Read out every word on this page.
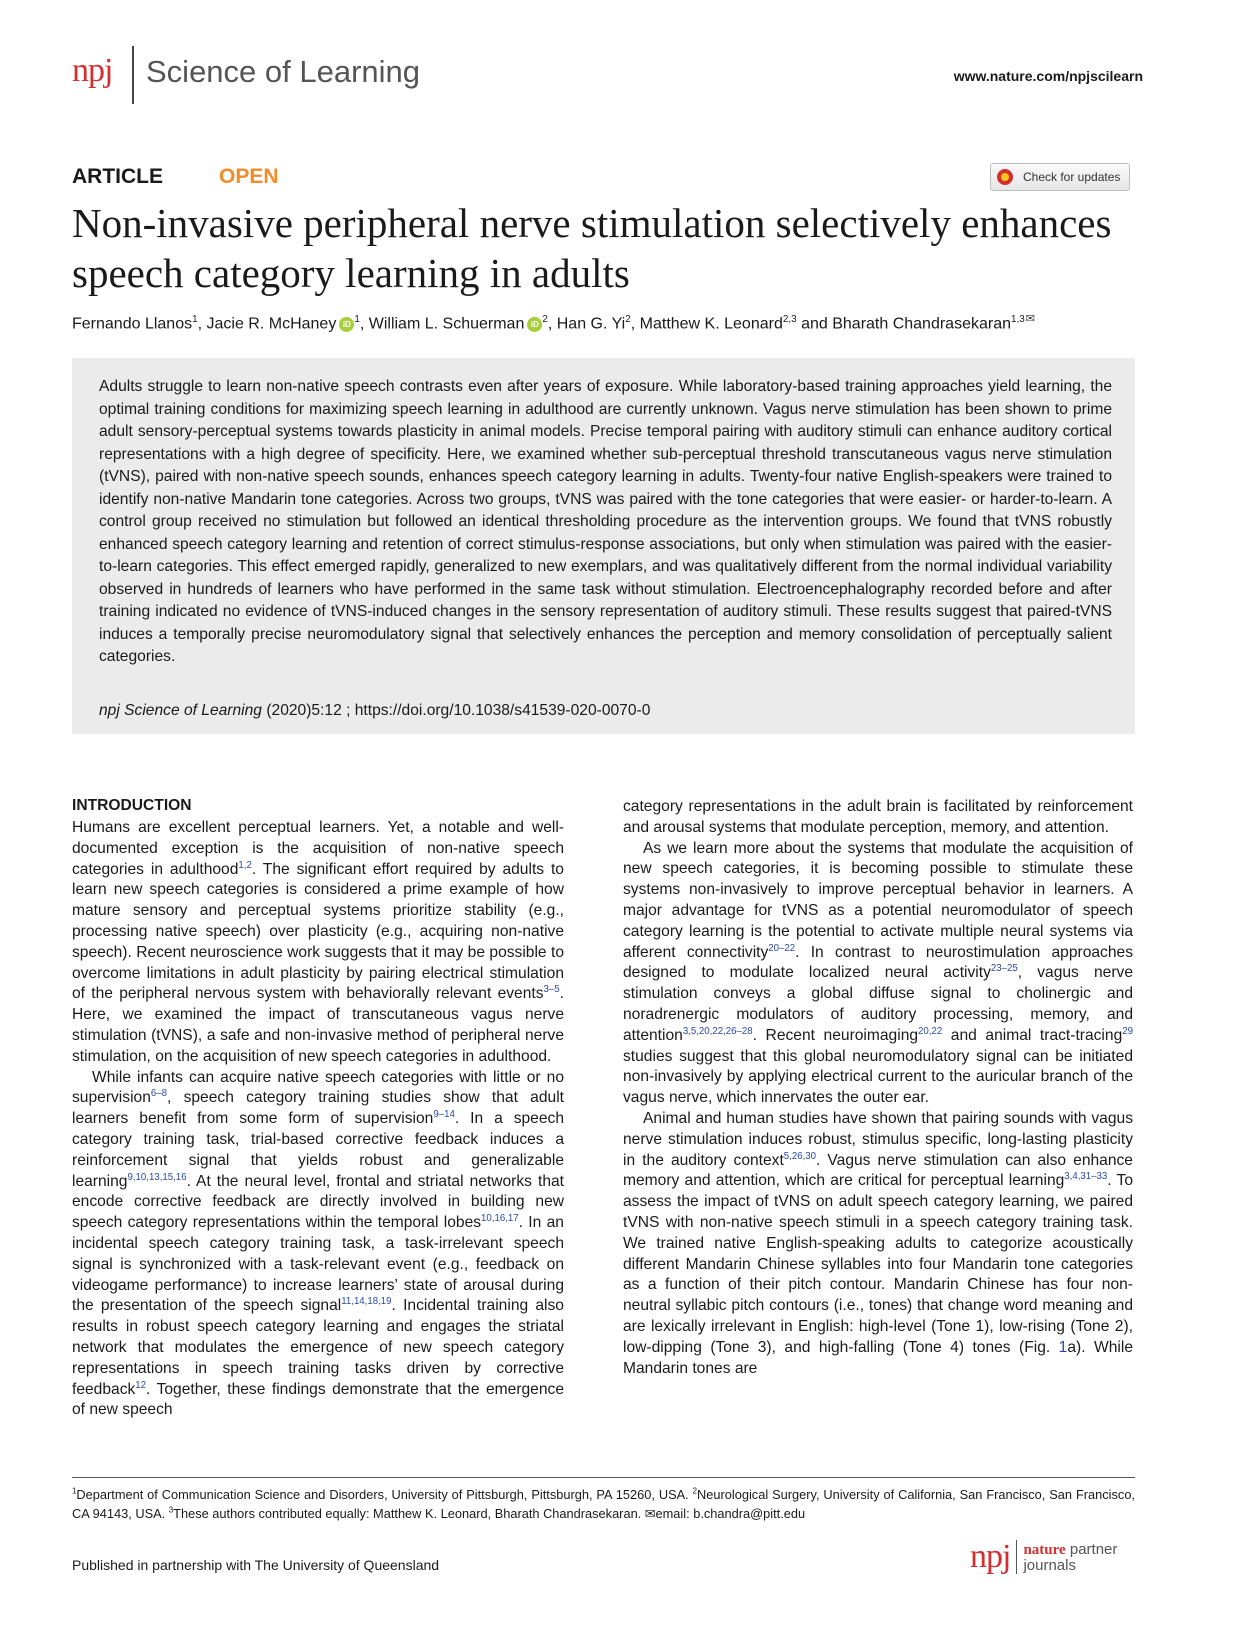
npj Science of Learning	www.nature.com/npjscilearn
ARTICLE	OPEN	Check for updates
Non-invasive peripheral nerve stimulation selectively enhances speech category learning in adults
Fernando Llanos$^1$, Jacie R. McHaney iD $^1$, William L. Schuerman iD $^2$, Han G. Yi$^2$, Matthew K. Leonard$^{2,3}$ and Bharath Chandrasekaran$^{1,3✉}$
Adults struggle to learn non-native speech contrasts even after years of exposure. While laboratory-based training approaches yield learning, the optimal training conditions for maximizing speech learning in adulthood are currently unknown. Vagus nerve stimulation has been shown to prime adult sensory-perceptual systems towards plasticity in animal models. Precise temporal pairing with auditory stimuli can enhance auditory cortical representations with a high degree of specificity. Here, we examined whether sub-perceptual threshold transcutaneous vagus nerve stimulation (tVNS), paired with non-native speech sounds, enhances speech category learning in adults. Twenty-four native English-speakers were trained to identify non-native Mandarin tone categories. Across two groups, tVNS was paired with the tone categories that were easier- or harder-to-learn. A control group received no stimulation but followed an identical thresholding procedure as the intervention groups. We found that tVNS robustly enhanced speech category learning and retention of correct stimulus-response associations, but only when stimulation was paired with the easier-to-learn categories. This effect emerged rapidly, generalized to new exemplars, and was qualitatively different from the normal individual variability observed in hundreds of learners who have performed in the same task without stimulation. Electroencephalography recorded before and after training indicated no evidence of tVNS-induced changes in the sensory representation of auditory stimuli. These results suggest that paired-tVNS induces a temporally precise neuromodulatory signal that selectively enhances the perception and memory consolidation of perceptually salient categories.
npj Science of Learning (2020)5:12 ; https://doi.org/10.1038/s41539-020-0070-0
INTRODUCTION

Humans are excellent perceptual learners. Yet, a notable and well-documented exception is the acquisition of non-native speech categories in adulthood$^{1,2}$. The significant effort required by adults to learn new speech categories is considered a prime example of how mature sensory and perceptual systems prioritize stability (e.g., processing native speech) over plasticity (e.g., acquiring non-native speech). Recent neuroscience work suggests that it may be possible to overcome limitations in adult plasticity by pairing electrical stimulation of the peripheral nervous system with behaviorally relevant events$^{3-5}$. Here, we examined the impact of transcutaneous vagus nerve stimulation (tVNS), a safe and non-invasive method of peripheral nerve stimulation, on the acquisition of new speech categories in adulthood.

While infants can acquire native speech categories with little or no supervision$^{6-8}$, speech category training studies show that adult learners benefit from some form of supervision$^{9-14}$. In a speech category training task, trial-based corrective feedback induces a reinforcement signal that yields robust and generalizable learning$^{9,10,13,15,16}$. At the neural level, frontal and striatal networks that encode corrective feedback are directly involved in building new speech category representations within the temporal lobes$^{10,16,17}$. In an incidental speech category training task, a task-irrelevant speech signal is synchronized with a task-relevant event (e.g., feedback on videogame performance) to increase learners’ state of arousal during the presentation of the speech signal$^{11,14,18,19}$. Incidental training also results in robust speech category learning and engages the striatal network that modulates the emergence of new speech category representations in speech training tasks driven by corrective feedback$^{12}$. Together, these findings demonstrate that the emergence of new speech

category representations in the adult brain is facilitated by reinforcement and arousal systems that modulate perception, memory, and attention.

As we learn more about the systems that modulate the acquisition of new speech categories, it is becoming possible to stimulate these systems non-invasively to improve perceptual behavior in learners. A major advantage for tVNS as a potential neuromodulator of speech category learning is the potential to activate multiple neural systems via afferent connectivity$^{20-22}$. In contrast to neurostimulation approaches designed to modulate localized neural activity$^{23-25}$, vagus nerve stimulation conveys a global diffuse signal to cholinergic and noradrenergic modulators of auditory processing, memory, and attention$^{3,5,20,22,26-28}$. Recent neuroimaging$^{20,22}$ and animal tract-tracing$^{29}$ studies suggest that this global neuromodulatory signal can be initiated non-invasively by applying electrical current to the auricular branch of the vagus nerve, which innervates the outer ear.

Animal and human studies have shown that pairing sounds with vagus nerve stimulation induces robust, stimulus specific, long-lasting plasticity in the auditory context$^{5,26,30}$. Vagus nerve stimulation can also enhance memory and attention, which are critical for perceptual learning$^{3,4,31-33}$. To assess the impact of tVNS on adult speech category learning, we paired tVNS with non-native speech stimuli in a speech category training task. We trained native English-speaking adults to categorize acoustically different Mandarin Chinese syllables into four Mandarin tone categories as a function of their pitch contour. Mandarin Chinese has four non-neutral syllabic pitch contours (i.e., tones) that change word meaning and are lexically irrelevant in English: high-level (Tone 1), low-rising (Tone 2), low-dipping (Tone 3), and high-falling (Tone 4) tones (Fig. 1a). While Mandarin tones are

$^1$Department of Communication Science and Disorders, University of Pittsburgh, Pittsburgh, PA 15260, USA. $^2$Neurological Surgery, University of California, San Francisco, San Francisco, CA 94143, USA. $^3$These authors contributed equally: Matthew K. Leonard, Bharath Chandrasekaran. ✉email: b.chandra@pitt.edu
Published in partnership with The University of Queensland	npj nature partner
journals
